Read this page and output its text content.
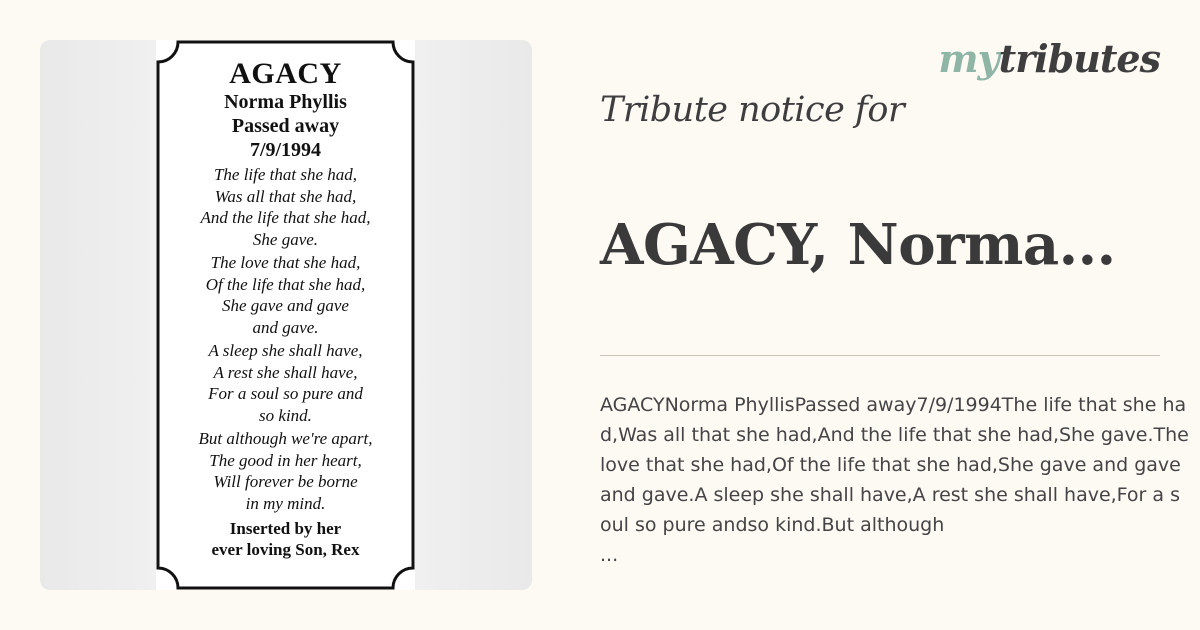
AGACY
Norma Phyllis
Passed away
7/9/1994
The life that she had,
Was all that she had,
And the life that she had,
She gave.
The love that she had,
Of the life that she had,
She gave and gave
and gave.
A sleep she shall have,
A rest she shall have,
For a soul so pure and
so kind.
But although we're apart,
The good in her heart,
Will forever be borne
in my mind.
Inserted by her
ever loving Son, Rex
mytributes
Tribute notice for
AGACY, Norma...
AGACYNorma PhyllisPassed away7/9/1994The life that she had,Was all that she had,And the life that she had,She gave.The love that she had,Of the life that she had,She gave and gaveand gave.A sleep she shall have,A rest she shall have,For a soul so pure andso kind.But although
...
